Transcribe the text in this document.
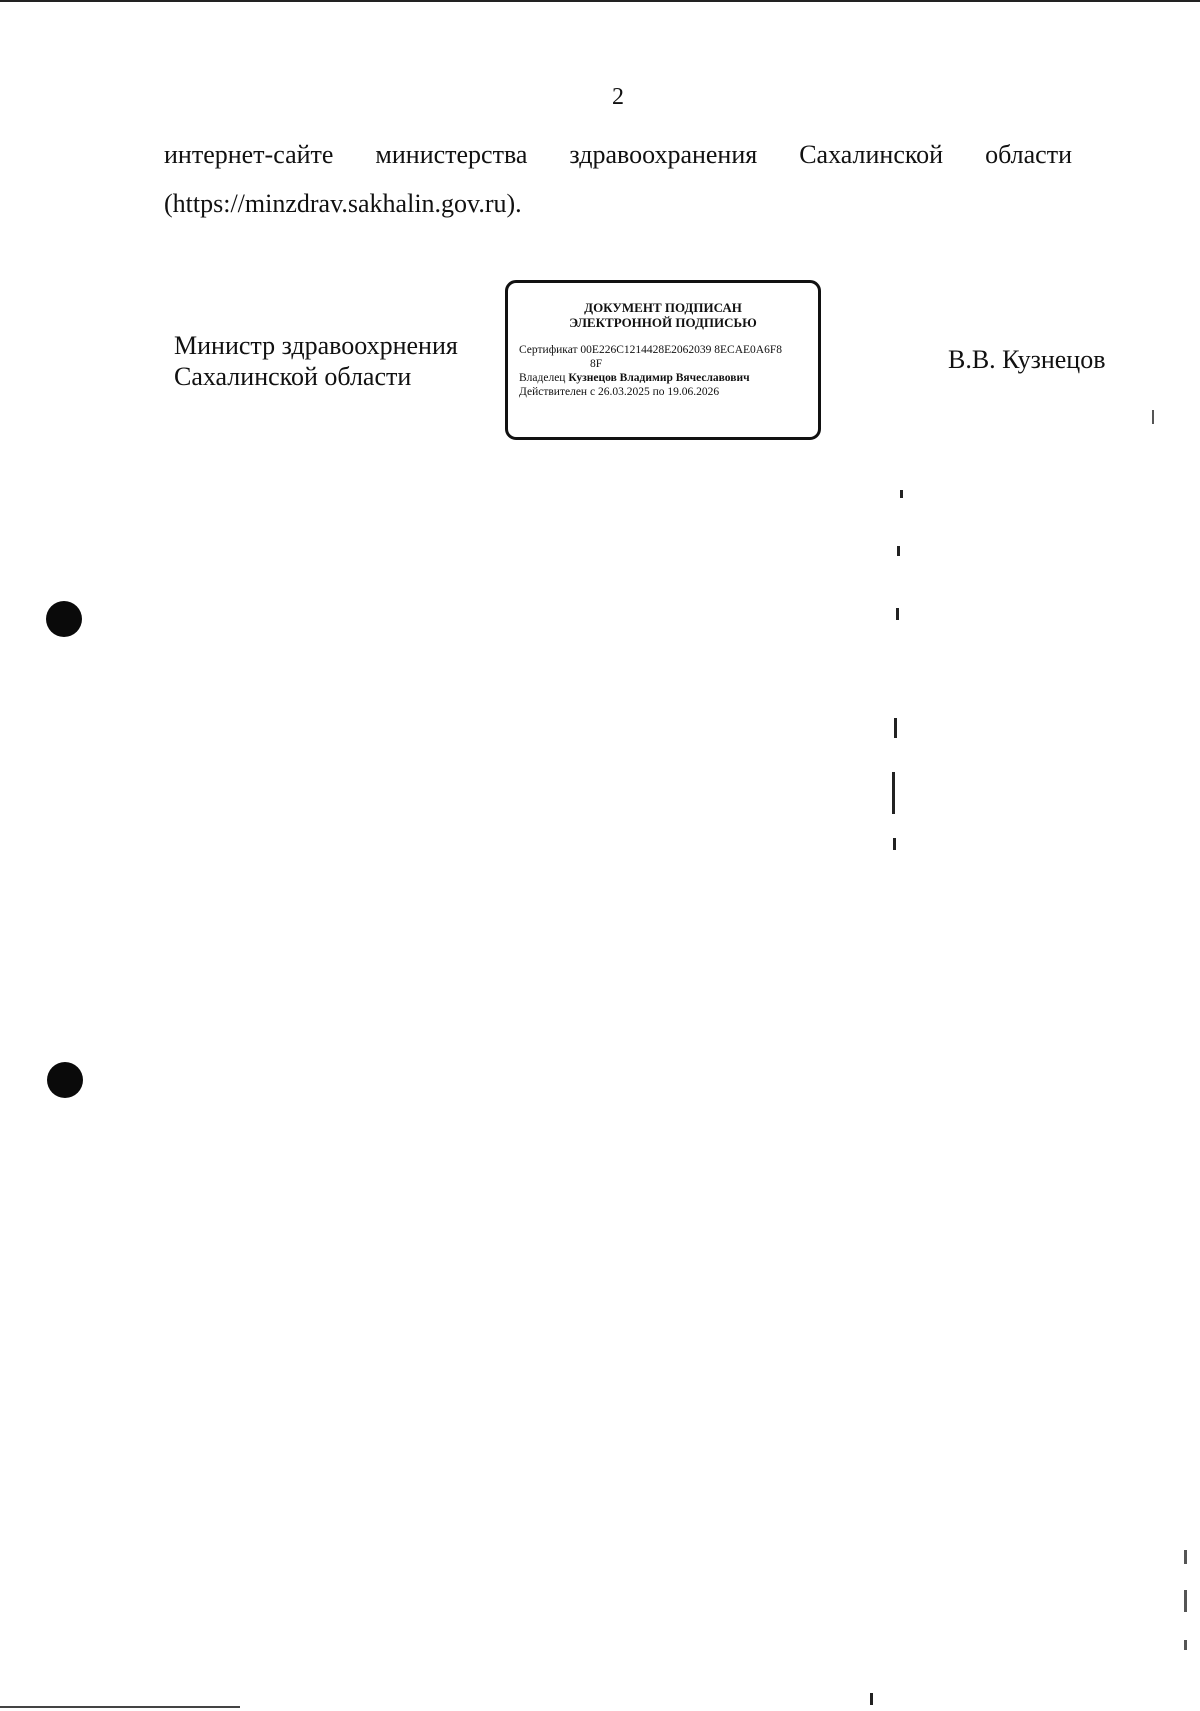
2
интернет-сайте министерства здравоохранения Сахалинской области
(https://minzdrav.sakhalin.gov.ru).
Министр здравоохрнения
Сахалинской области
ДОКУМЕНТ ПОДПИСАН
ЭЛЕКТРОННОЙ ПОДПИСЬЮ
Сертификат 00E226C1214428E2062039 8ECAE0A6F8
8F
Владелец Кузнецов Владимир Вячеславович
Действителен с 26.03.2025 по 19.06.2026
В.В. Кузнецов
